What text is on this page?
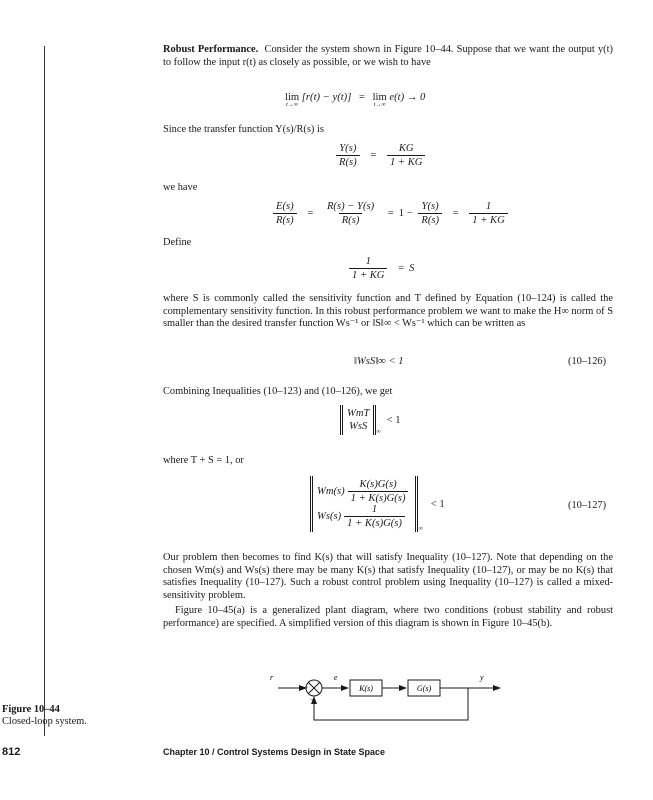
Robust Performance. Consider the system shown in Figure 10–44. Suppose that we want the output y(t) to follow the input r(t) as closely as possible, or we wish to have
lim
t→∞
[r(t) − y(t)] = lim
t→∞
e(t) → 0
Since the transfer function Y(s)/R(s) is
$\frac{Y(s)}{R(s)} = \frac{KG}{1 + KG}$
we have
$\frac{E(s)}{R(s)} = \frac{R(s) - Y(s)}{R(s)} = 1 - \frac{Y(s)}{R(s)} = \frac{1}{1 + KG}$
Define
$\frac{1}{1 + KG} = S$
where S is commonly called the sensitivity function and T defined by Equation (10–124) is called the complementary sensitivity function. In this robust performance problem we want to make the H∞ norm of S smaller than the desired transfer function Ws⁻¹ or ‖S‖∞ < Ws⁻¹ which can be written as
‖WsS‖∞ < 1	(10–126)
Combining Inequalities (10–123) and (10–126), we get
WmT
WsS ∞
< 1
where T + S = 1, or
$Wm(s) \frac{K(s)G(s)}{1 + K(s)G(s)}$
$Ws(s) \frac{1}{1 + K(s)G(s)}$ ∞
< 1	(10–127)
Our problem then becomes to find K(s) that will satisfy Inequality (10–127). Note that depending on the chosen Wm(s) and Ws(s) there may be many K(s) that satisfy Inequality (10–127), or may be no K(s) that satisfies Inequality (10–127). Such a robust control problem using Inequality (10–127) is called a mixed-sensitivity problem.
Figure 10–45(a) is a generalized plant diagram, where two conditions (robust stability and robust performance) are specified. A simplified version of this diagram is shown in Figure 10–45(b).
r	e	y
+
−
K(s)	G(s)
Figure 10–44
Closed-loop system.
812	Chapter 10 / Control Systems Design in State Space
